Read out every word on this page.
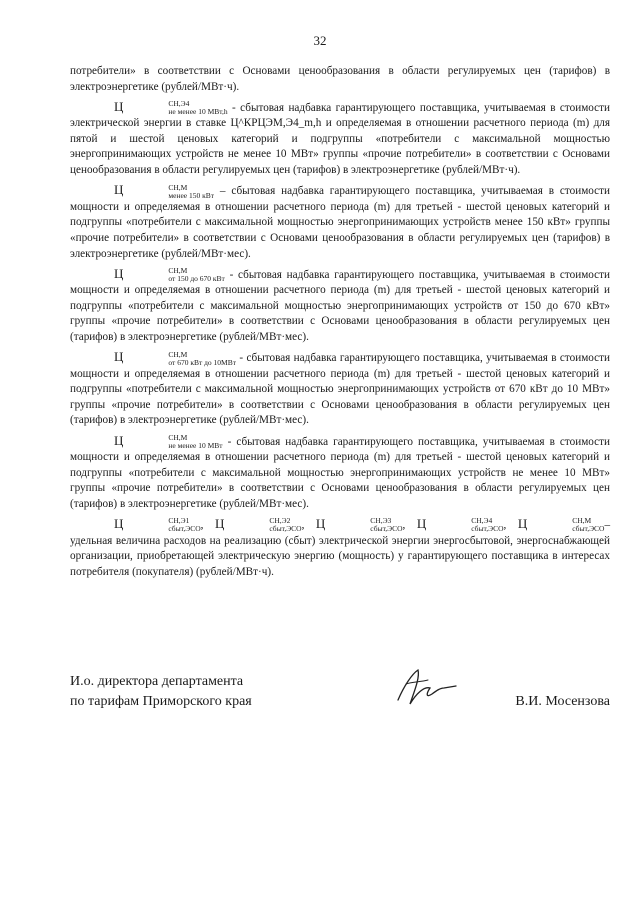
32

потребители» в соответствии с Основами ценообразования в области регулируемых цен (тарифов) в электроэнергетике (рублей/МВт·ч).

Ц	СН,Э4
не менее 10 МВт,h - сбытовая надбавка гарантирующего поставщика, учитываемая в стоимости электрической энергии в ставке Ц^КРЦЭМ,Э4_m,h и определяемая в отношении расчетного периода (m) для пятой и шестой ценовых категорий и подгруппы «потребители с максимальной мощностью энергопринимающих устройств не менее 10 МВт» группы «прочие потребители» в соответствии с Основами ценообразования в области регулируемых цен (тарифов) в электроэнергетике (рублей/МВт·ч).

Ц	СН,М
менее 150 кВт – сбытовая надбавка гарантирующего поставщика, учитываемая в стоимости мощности и определяемая в отношении расчетного периода (m) для третьей - шестой ценовых категорий и подгруппы «потребители с максимальной мощностью энергопринимающих устройств менее 150 кВт» группы «прочие потребители» в соответствии с Основами ценообразования в области регулируемых цен (тарифов) в электроэнергетике (рублей/МВт·мес).

Ц	СН,М
от 150 до 670 кВт - сбытовая надбавка гарантирующего поставщика, учитываемая в стоимости мощности и определяемая в отношении расчетного периода (m) для третьей - шестой ценовых категорий и подгруппы «потребители с максимальной мощностью энергопринимающих устройств от 150 до 670 кВт» группы «прочие потребители» в соответствии с Основами ценообразования в области регулируемых цен (тарифов) в электроэнергетике (рублей/МВт·мес).

Ц	СН,М
от 670 кВт до 10МВт - сбытовая надбавка гарантирующего поставщика, учитываемая в стоимости мощности и определяемая в отношении расчетного периода (m) для третьей - шестой ценовых категорий и подгруппы «потребители с максимальной мощностью энергопринимающих устройств от 670 кВт до 10 МВт» группы «прочие потребители» в соответствии с Основами ценообразования в области регулируемых цен (тарифов) в электроэнергетике (рублей/МВт·мес).

Ц	СН,М
не менее 10 МВт - сбытовая надбавка гарантирующего поставщика, учитываемая в стоимости мощности и определяемая в отношении расчетного периода (m) для третьей - шестой ценовых категорий и подгруппы «потребители с максимальной мощностью энергопринимающих устройств не менее 10 МВт» группы «прочие потребители» в соответствии с Основами ценообразования в области регулируемых цен (тарифов) в электроэнергетике (рублей/МВт·мес).

Ц	СН,Э1
сбыт,ЭСО , Ц	СН,Э2
сбыт,ЭСО , Ц	СН,Э3
сбыт,ЭСО , Ц	СН,Э4
сбыт,ЭСО , Ц	СН,М
сбыт,ЭСО –удельная величина расходов на реализацию (сбыт) электрической энергии энергосбытовой, энергоснабжающей организации, приобретающей электрическую энергию (мощность) у гарантирующего поставщика в интересах потребителя (покупателя) (рублей/МВт·ч).

И.о. директора департамента
по тарифам Приморского края	В.И. Мосензова
